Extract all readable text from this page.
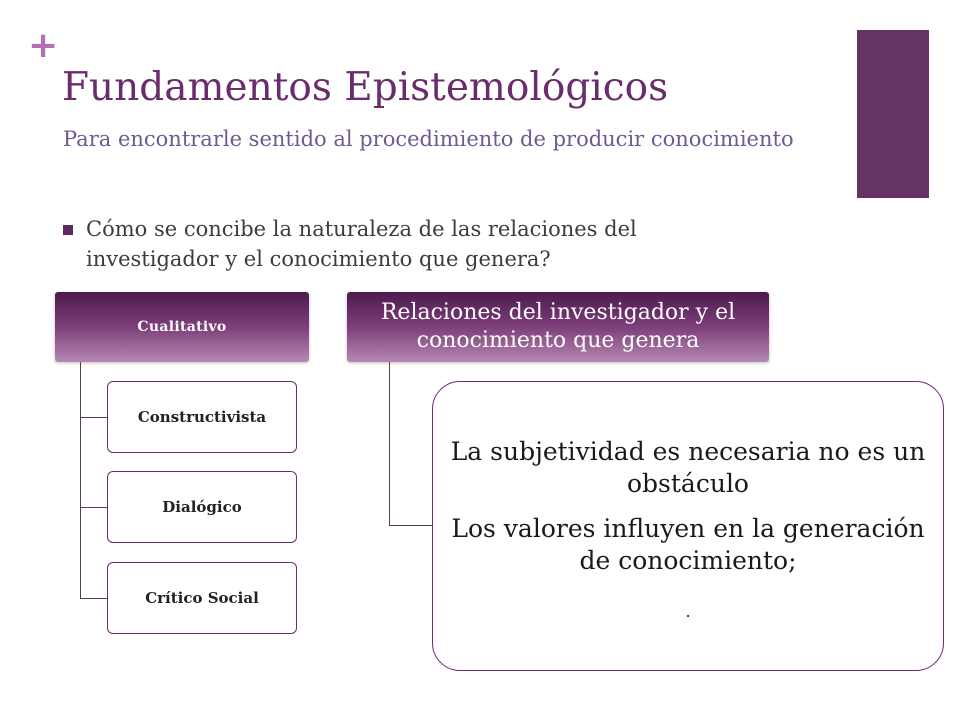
+
Fundamentos Epistemológicos

Para encontrarle sentido al procedimiento de producir conocimiento

Cómo se concibe la naturaleza de las relaciones del investigador y el conocimiento que genera?

Cualitativo
Constructivista
Dialógico
Crítico Social
Relaciones del investigador y el conocimiento que genera

La subjetividad es necesaria no es un obstáculo

Los valores influyen en la generación de conocimiento;

.
